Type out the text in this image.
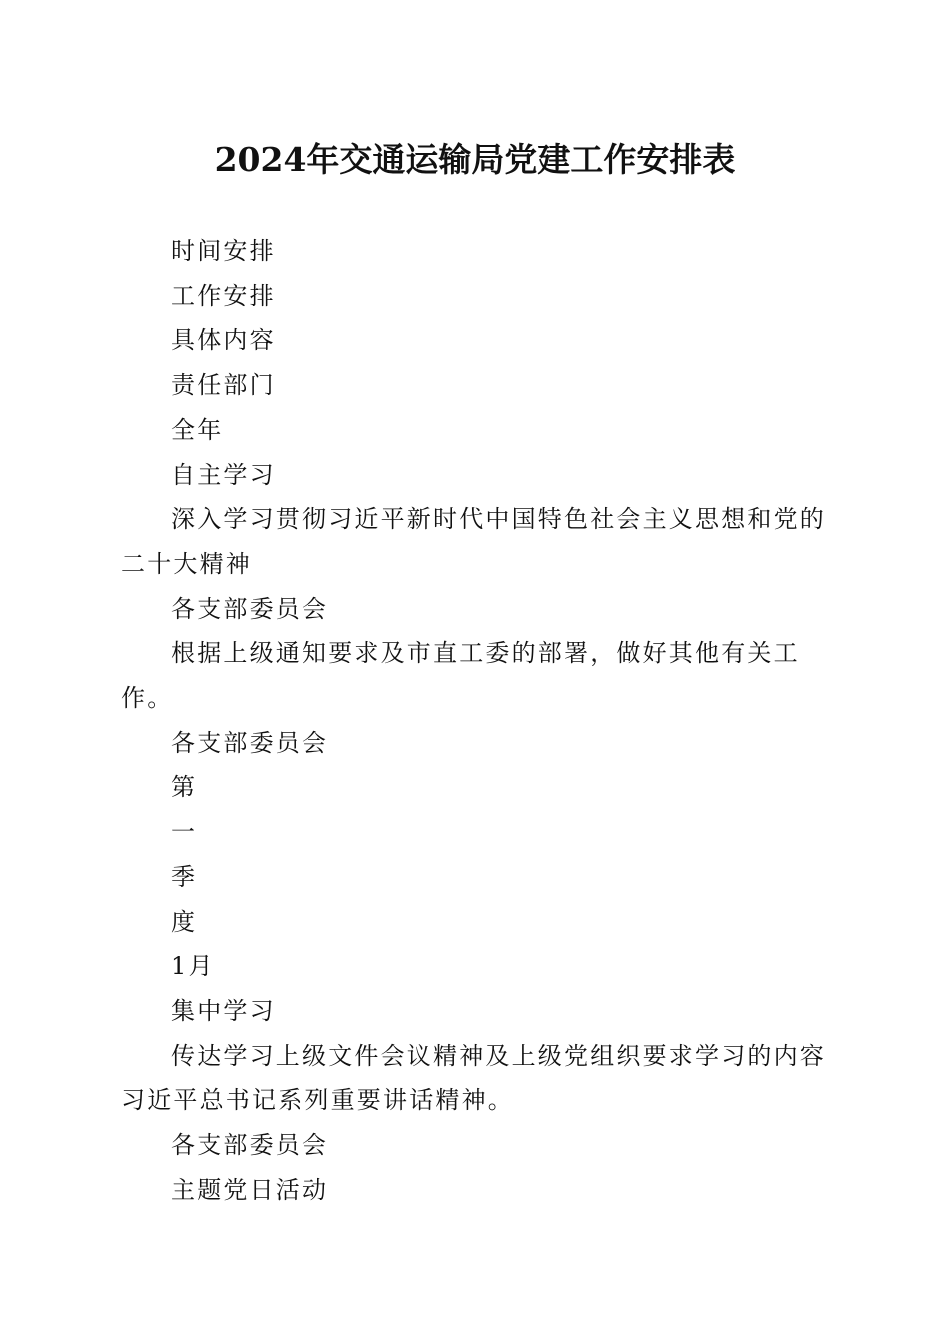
2024年交通运输局党建工作安排表

时间安排

工作安排

具体内容

责任部门

全年

自主学习

深入学习贯彻习近平新时代中国特色社会主义思想和党的二十大精神

各支部委员会

根据上级通知要求及市直工委的部署，做好其他有关工作。

各支部委员会

第

一

季

度

1月

集中学习

传达学习上级文件会议精神及上级党组织要求学习的内容习近平总书记系列重要讲话精神。

各支部委员会

主题党日活动
